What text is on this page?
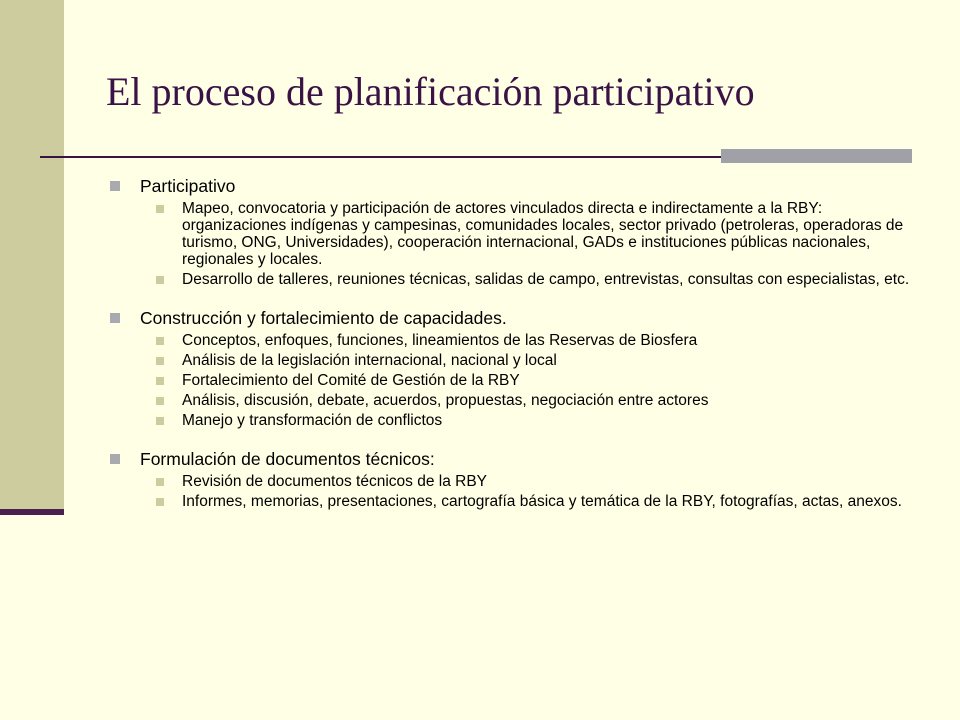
El proceso de planificación participativo
Participativo
Mapeo, convocatoria y participación de actores vinculados directa e indirectamente a la RBY: organizaciones indígenas y campesinas, comunidades locales, sector privado (petroleras, operadoras de turismo, ONG, Universidades), cooperación internacional, GADs e instituciones públicas nacionales, regionales y locales.
Desarrollo de talleres, reuniones técnicas, salidas de campo, entrevistas, consultas con especialistas, etc.
Construcción y fortalecimiento de capacidades.
Conceptos, enfoques, funciones, lineamientos de las Reservas de Biosfera
Análisis de la legislación internacional, nacional y local
Fortalecimiento del Comité de Gestión de la RBY
Análisis, discusión, debate, acuerdos, propuestas, negociación entre actores
Manejo y transformación de conflictos
Formulación de documentos técnicos:
Revisión de documentos técnicos de la RBY
Informes, memorias, presentaciones, cartografía básica y temática de la RBY, fotografías, actas, anexos.
